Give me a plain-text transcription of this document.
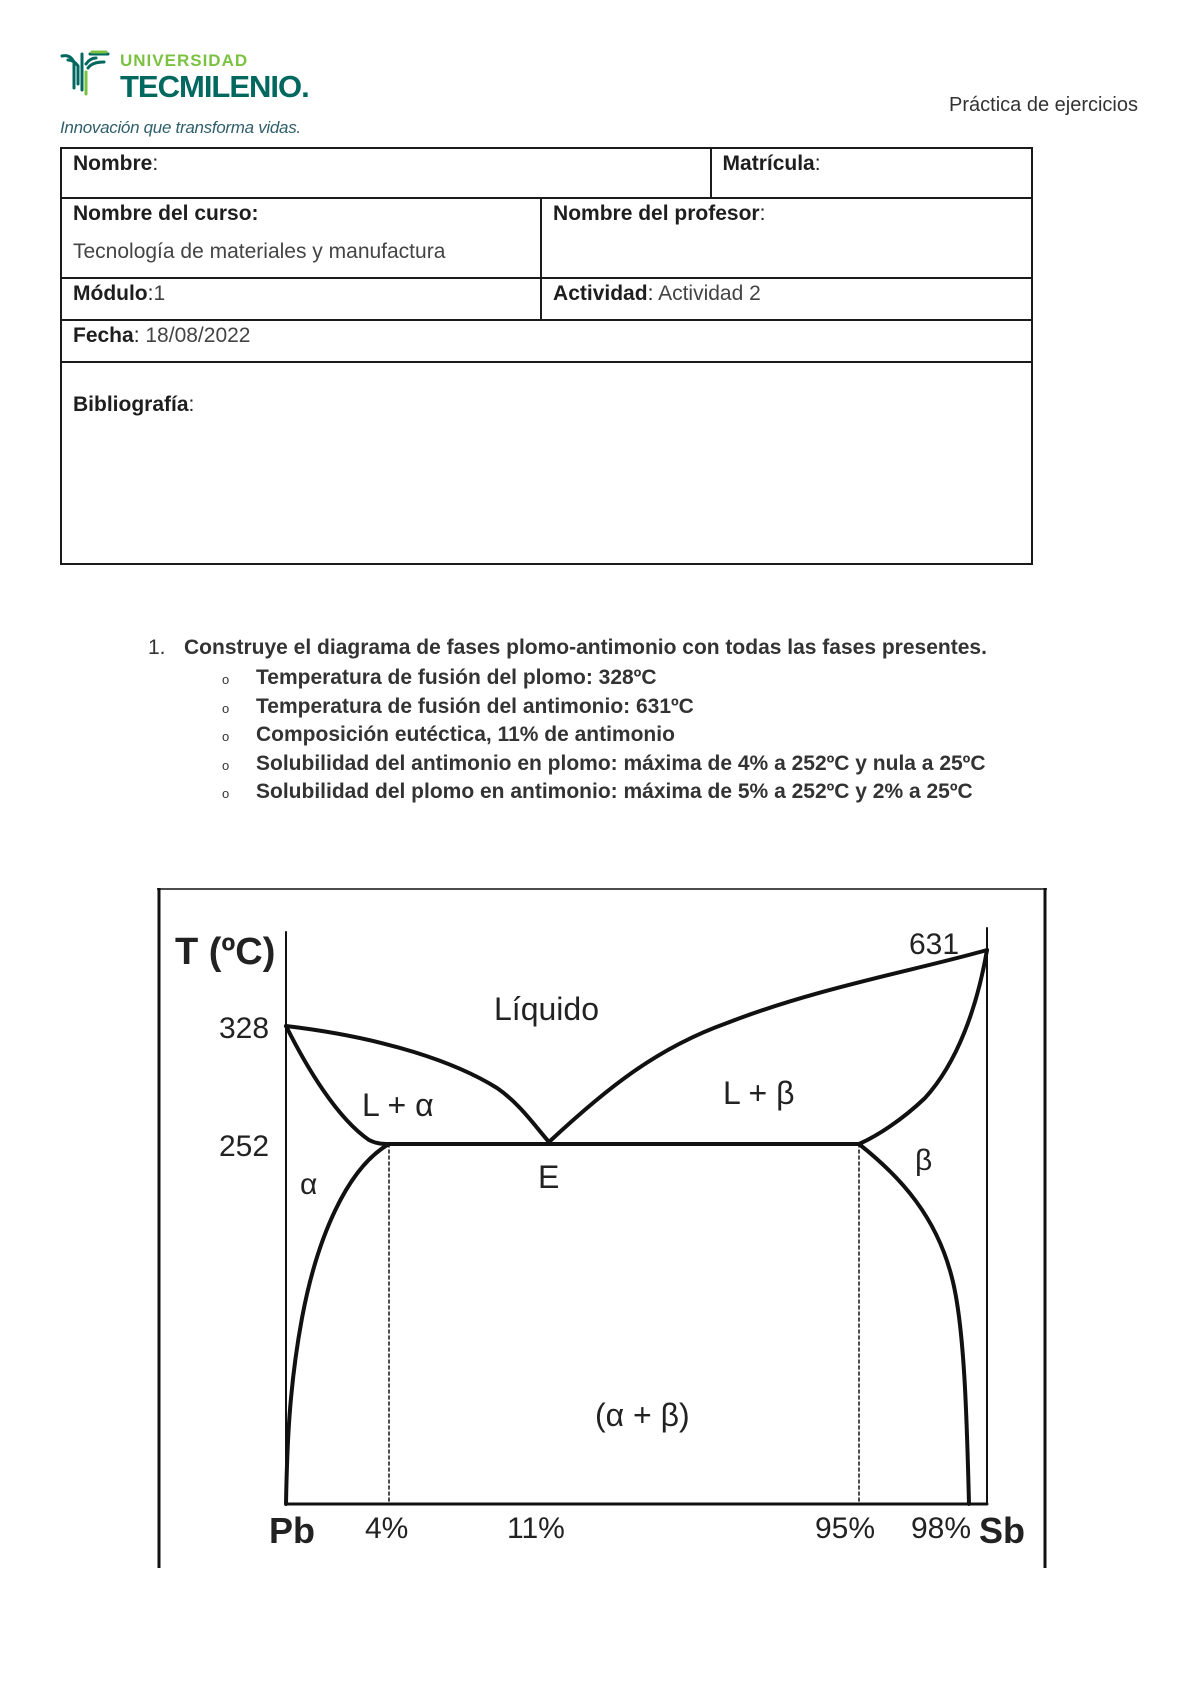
UNIVERSIDAD
TECMILENIO.
Innovación que transforma vidas.
Práctica de ejercicios
Nombre:		Matrícula:

Nombre del curso:
Tecnología de materiales y manufactura	Nombre del profesor:	
Módulo:1	Actividad: Actividad 2	
Fecha: 18/08/2022		
Bibliografía:		

1. Construye el diagrama de fases plomo-antimonio con todas las fases presentes.

o Temperatura de fusión del plomo: 328ºC
o Temperatura de fusión del antimonio: 631ºC
o Composición eutéctica, 11% de antimonio
o Solubilidad del antimonio en plomo: máxima de 4% a 252ºC y nula a 25ºC
o Solubilidad del plomo en antimonio: máxima de 5% a 252ºC y 2% a 25ºC
T (ºC)
328
252
631
Líquido
L + α	L + β
α
β
E
(α + β)
Pb 4%	11%	95% 98% Sb
